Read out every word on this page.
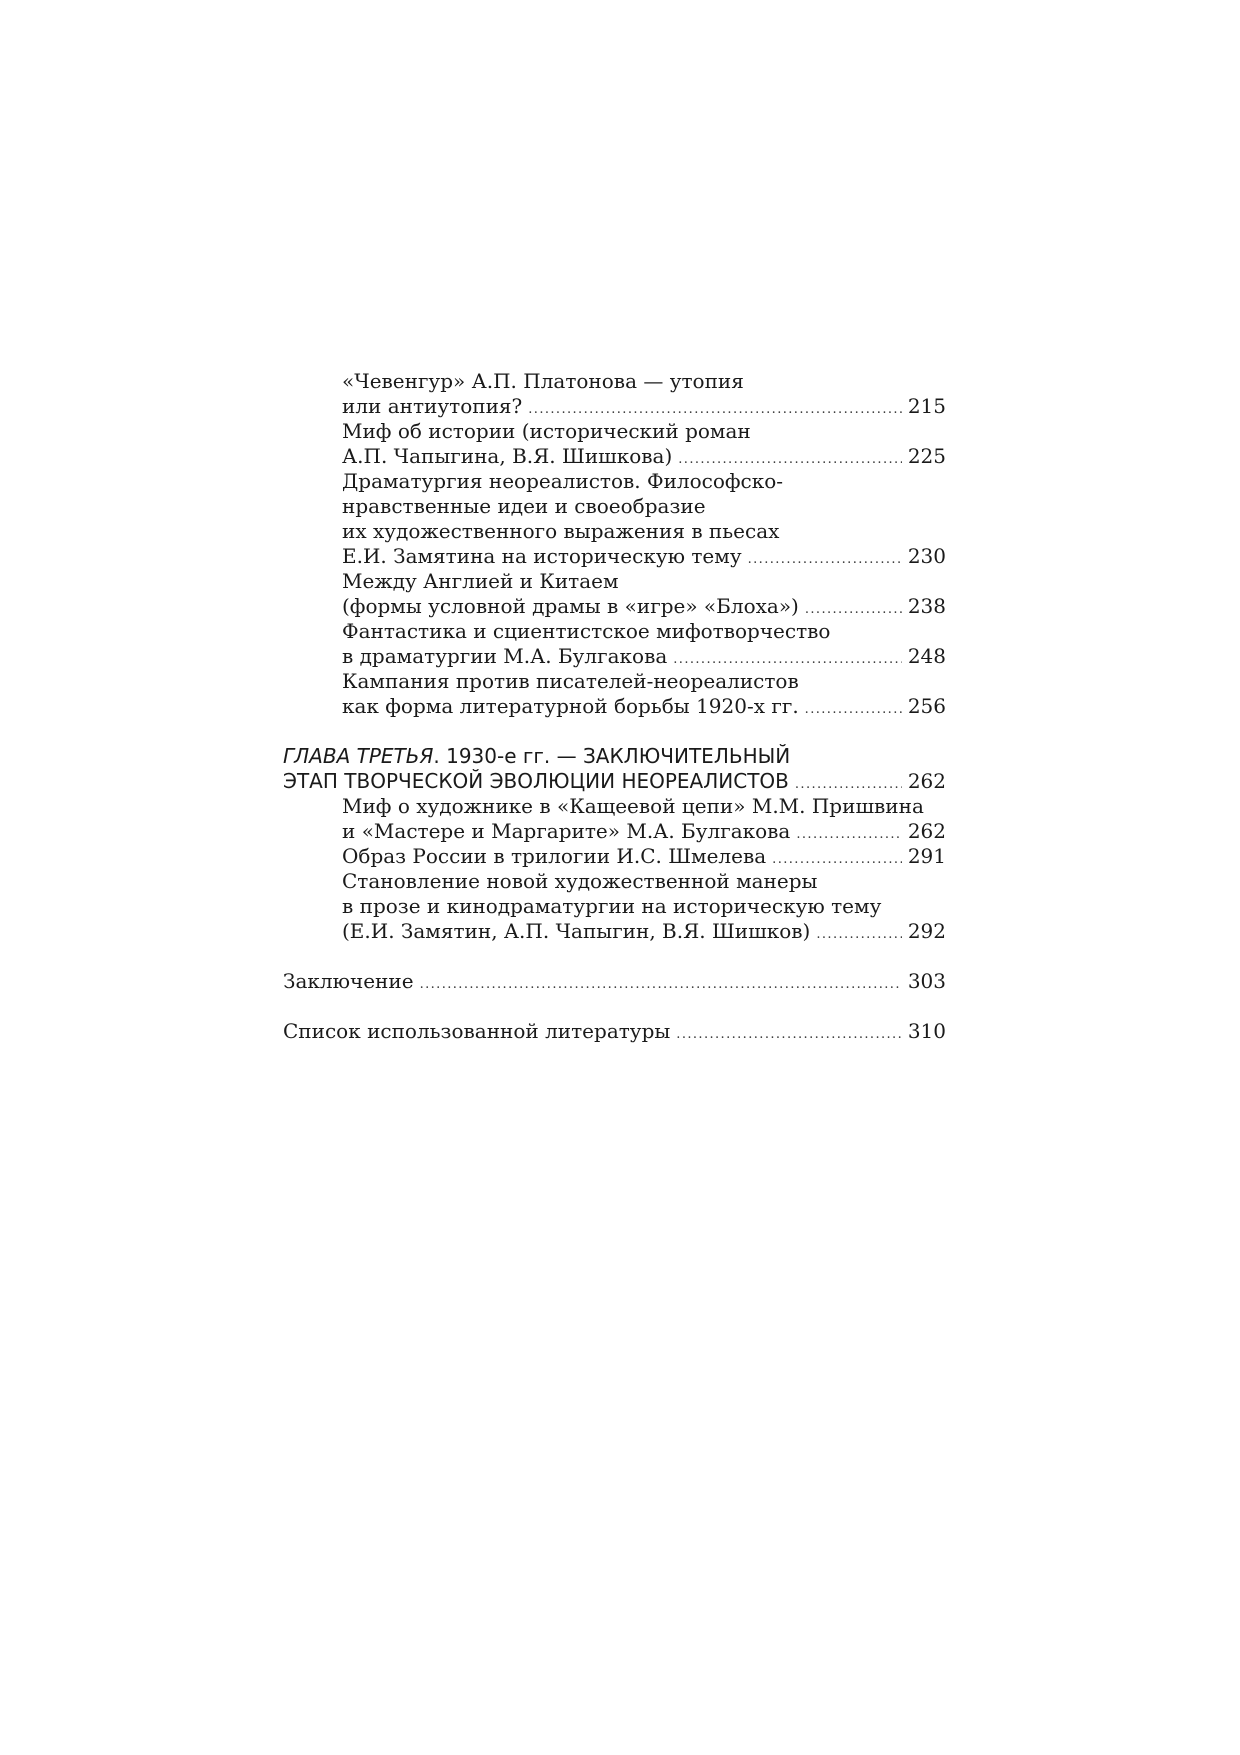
«Чевенгур» А.П. Платонова — утопия
или антиутопия? .....	215
Миф об истории (исторический роман
А.П. Чапыгина, В.Я. Шишкова) .....	225
Драматургия неореалистов. Философско-
нравственные идеи и своеобразие
их художественного выражения в пьесах
Е.И. Замятина на историческую тему .....	230
Между Англией и Китаем
(формы условной драмы в «игре» «Блоха») .....	238
Фантастика и сциентистское мифотворчество
в драматургии М.А. Булгакова .....	248
Кампания против писателей-неореалистов
как форма литературной борьбы 1920-х гг. .....	256
ГЛАВА ТРЕТЬЯ. 1930-е гг. — ЗАКЛЮЧИТЕЛЬНЫЙ
ЭТАП ТВОРЧЕСКОЙ ЭВОЛЮЦИИ НЕОРЕАЛИСТОВ .....	262
Миф о художнике в «Кащеевой цепи» М.М. Пришвина
и «Мастере и Маргарите» М.А. Булгакова .....	262
Образ России в трилогии И.С. Шмелева .....	291
Становление новой художественной манеры
в прозе и кинодраматургии на историческую тему
(Е.И. Замятин, А.П. Чапыгин, В.Я. Шишков) .....	292
Заключение .....	303
Список использованной литературы .....	310
